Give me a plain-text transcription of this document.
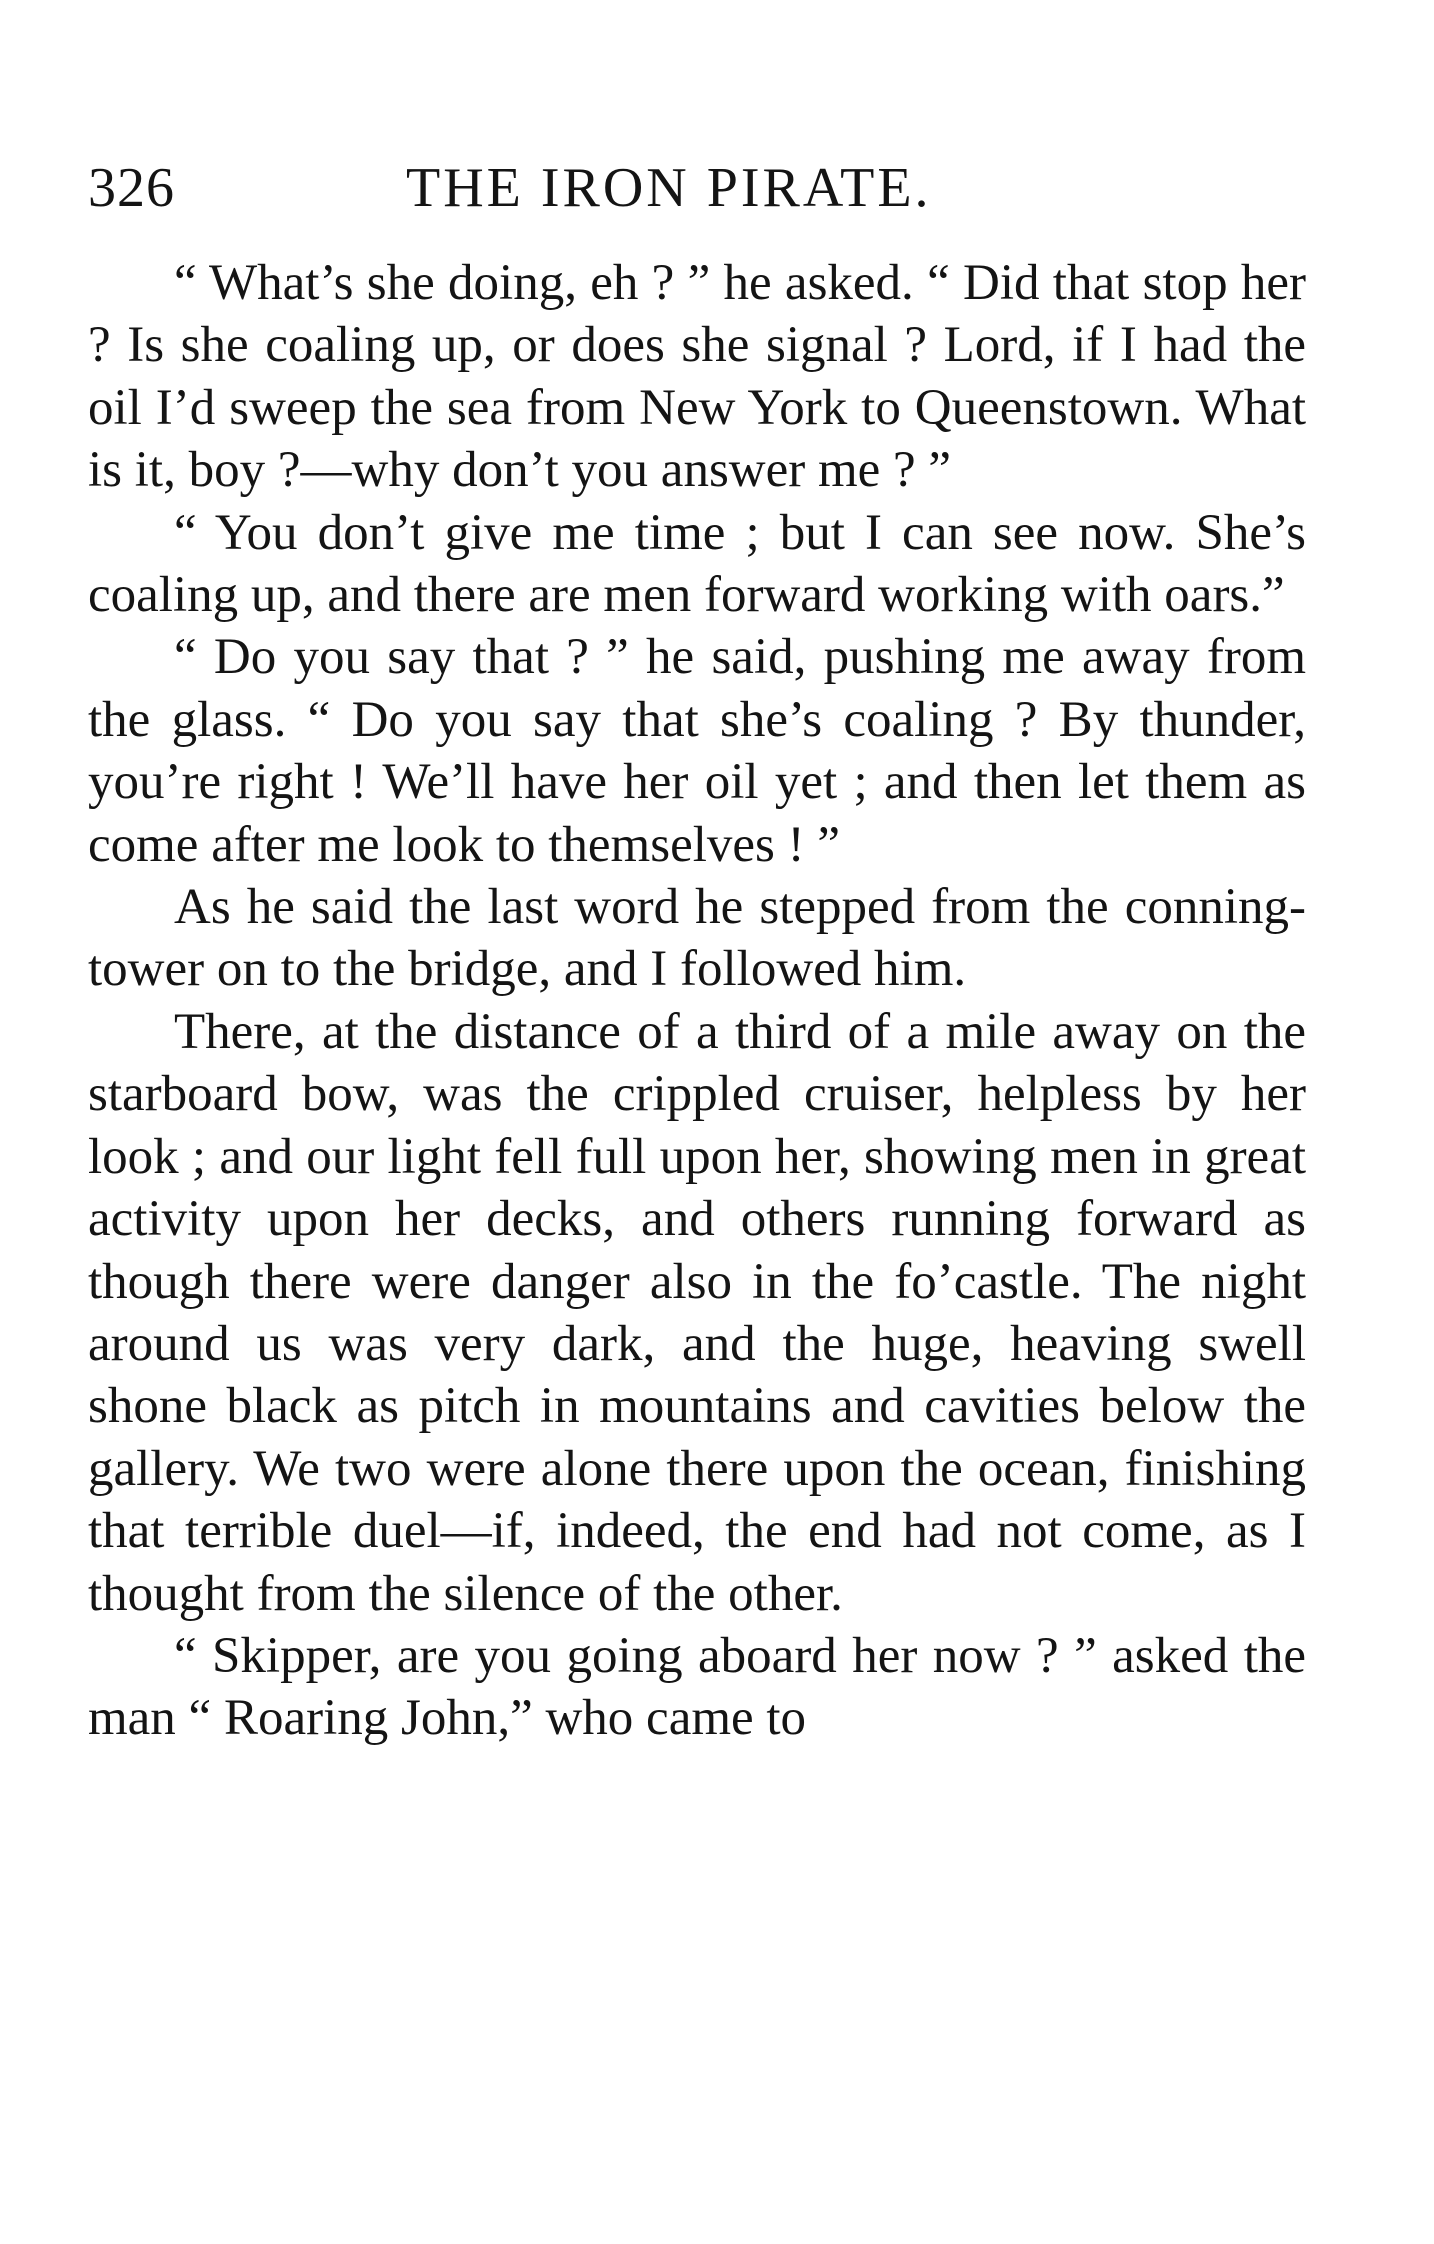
326	THE IRON PIRATE.

“ What’s she doing, eh ? ” he asked. “ Did that stop her ? Is she coaling up, or does she signal ? Lord, if I had the oil I’d sweep the sea from New York to Queenstown. What is it, boy ?—why don’t you answer me ? ”

“ You don’t give me time ; but I can see now. She’s coaling up, and there are men forward working with oars.”

“ Do you say that ? ” he said, pushing me away from the glass. “ Do you say that she’s coaling ? By thunder, you’re right ! We’ll have her oil yet ; and then let them as come after me look to themselves ! ”

As he said the last word he stepped from the conning-tower on to the bridge, and I followed him.

There, at the distance of a third of a mile away on the starboard bow, was the crippled cruiser, helpless by her look ; and our light fell full upon her, showing men in great activity upon her decks, and others running forward as though there were danger also in the fo’castle. The night around us was very dark, and the huge, heaving swell shone black as pitch in mountains and cavities below the gallery. We two were alone there upon the ocean, finishing that terrible duel—if, indeed, the end had not come, as I thought from the silence of the other.

“ Skipper, are you going aboard her now ? ” asked the man “ Roaring John,” who came to
